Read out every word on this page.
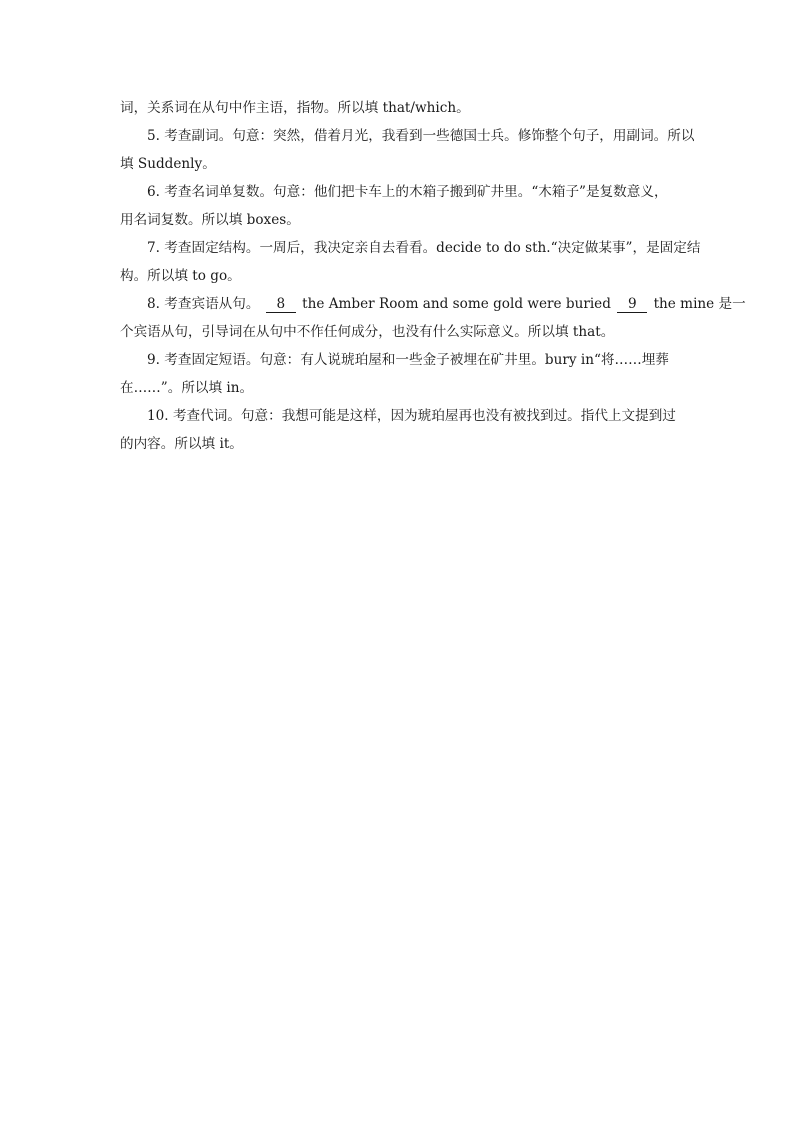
词，关系词在从句中作主语，指物。所以填 that/which。
5. 考查副词。句意：突然，借着月光，我看到一些德国士兵。修饰整个句子，用副词。所以
填 Suddenly。
6. 考查名词单复数。句意：他们把卡车上的木箱子搬到矿井里。“木箱子”是复数意义，
用名词复数。所以填 boxes。
7. 考查固定结构。一周后，我决定亲自去看看。decide to do sth.“决定做某事”，是固定结
构。所以填 to go。
8. 考查宾语从句。 8 the Amber Room and some gold were buried 9 the mine 是一
个宾语从句，引导词在从句中不作任何成分，也没有什么实际意义。所以填 that。
9. 考查固定短语。句意：有人说琥珀屋和一些金子被埋在矿井里。bury in“将……埋葬
在……”。所以填 in。
10. 考查代词。句意：我想可能是这样，因为琥珀屋再也没有被找到过。指代上文提到过
的内容。所以填 it。
